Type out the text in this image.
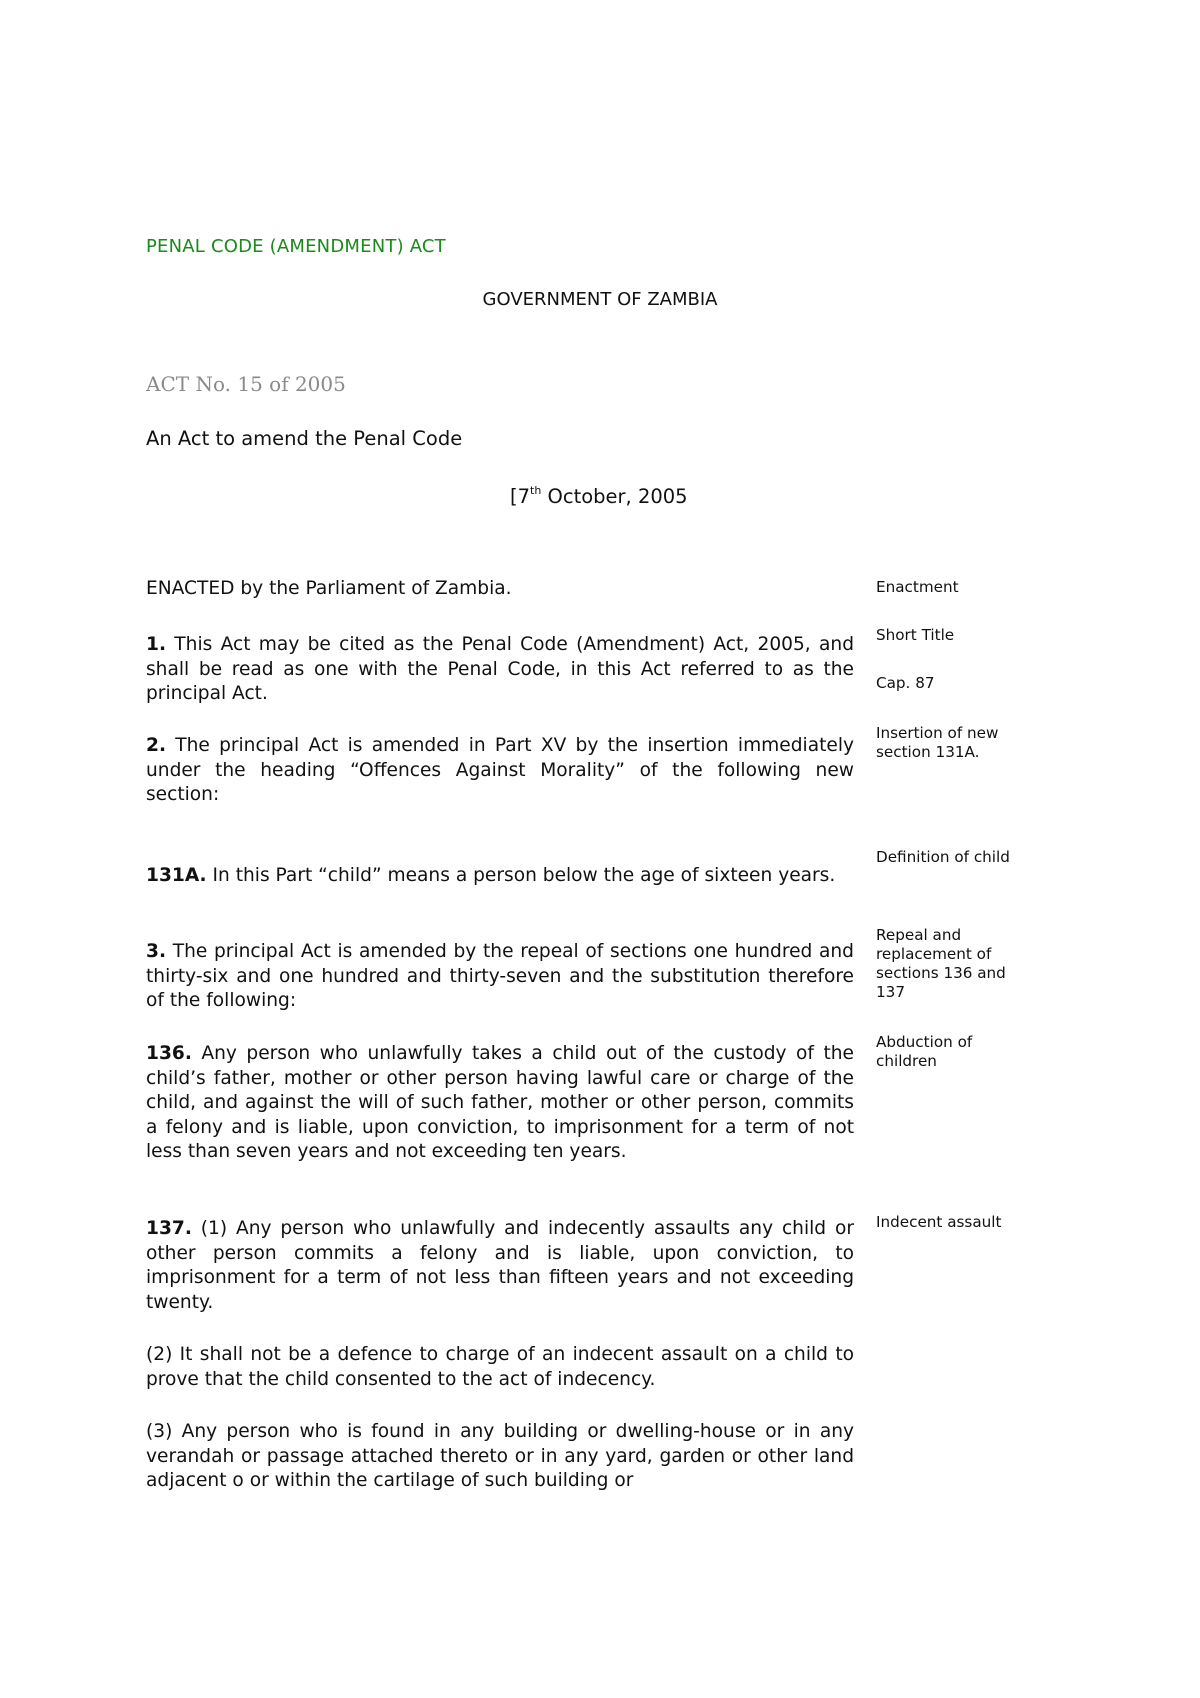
PENAL CODE (AMENDMENT) ACT
GOVERNMENT OF ZAMBIA
ACT No. 15 of 2005
An Act to amend the Penal Code
[7th October, 2005
ENACTED by the Parliament of Zambia.
1. This Act may be cited as the Penal Code (Amendment) Act, 2005, and shall be read as one with the Penal Code, in this Act referred to as the principal Act.
2. The principal Act is amended in Part XV by the insertion immediately under the heading “Offences Against Morality” of the following new section:
131A. In this Part “child” means a person below the age of sixteen years.
3. The principal Act is amended by the repeal of sections one hundred and thirty-six and one hundred and thirty-seven and the substitution therefore of the following:
136. Any person who unlawfully takes a child out of the custody of the child’s father, mother or other person having lawful care or charge of the child, and against the will of such father, mother or other person, commits a felony and is liable, upon conviction, to imprisonment for a term of not less than seven years and not exceeding ten years.
137. (1) Any person who unlawfully and indecently assaults any child or other person commits a felony and is liable, upon conviction, to imprisonment for a term of not less than fifteen years and not exceeding twenty.
(2) It shall not be a defence to charge of an indecent assault on a child to prove that the child consented to the act of indecency.
(3) Any person who is found in any building or dwelling-house or in any verandah or passage attached thereto or in any yard, garden or other land adjacent o or within the cartilage of such building or
Enactment
Short Title
Cap. 87
Insertion of new section 131A.
Definition of child
Repeal and replacement of sections 136 and 137
Abduction of children
Indecent assault
